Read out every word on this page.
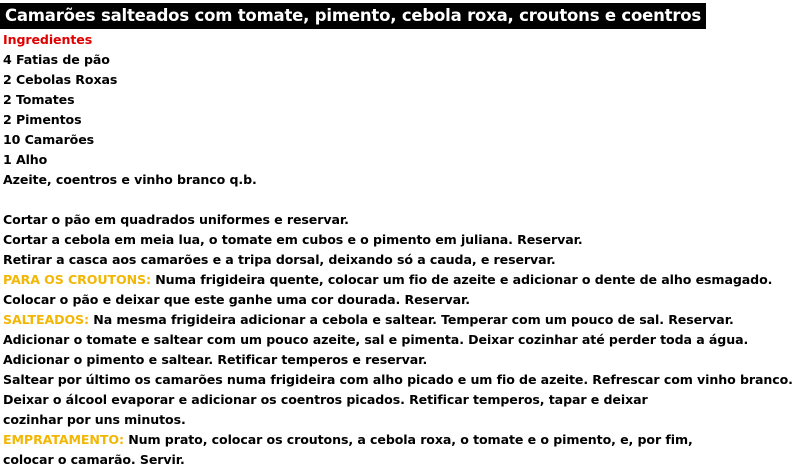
Camarões salteados com tomate, pimento, cebola roxa, croutons e coentros

Ingredientes

4 Fatias de pão

2 Cebolas Roxas

2 Tomates

2 Pimentos

10 Camarões

1 Alho

Azeite, coentros e vinho branco q.b.

Cortar o pão em quadrados uniformes e reservar.

Cortar a cebola em meia lua, o tomate em cubos e o pimento em juliana. Reservar.

Retirar a casca aos camarões e a tripa dorsal, deixando só a cauda, e reservar.

PARA OS CROUTONS: Numa frigideira quente, colocar um fio de azeite e adicionar o dente de alho esmagado.

Colocar o pão e deixar que este ganhe uma cor dourada. Reservar.

SALTEADOS: Na mesma frigideira adicionar a cebola e saltear. Temperar com um pouco de sal. Reservar.

Adicionar o tomate e saltear com um pouco azeite, sal e pimenta. Deixar cozinhar até perder toda a água.

Adicionar o pimento e saltear. Retificar temperos e reservar.

Saltear por último os camarões numa frigideira com alho picado e um fio de azeite. Refrescar com vinho branco.

Deixar o álcool evaporar e adicionar os coentros picados. Retificar temperos, tapar e deixar cozinhar por uns minutos.

EMPRATAMENTO: Num prato, colocar os croutons, a cebola roxa, o tomate e o pimento, e, por fim, colocar o camarão. Servir.
